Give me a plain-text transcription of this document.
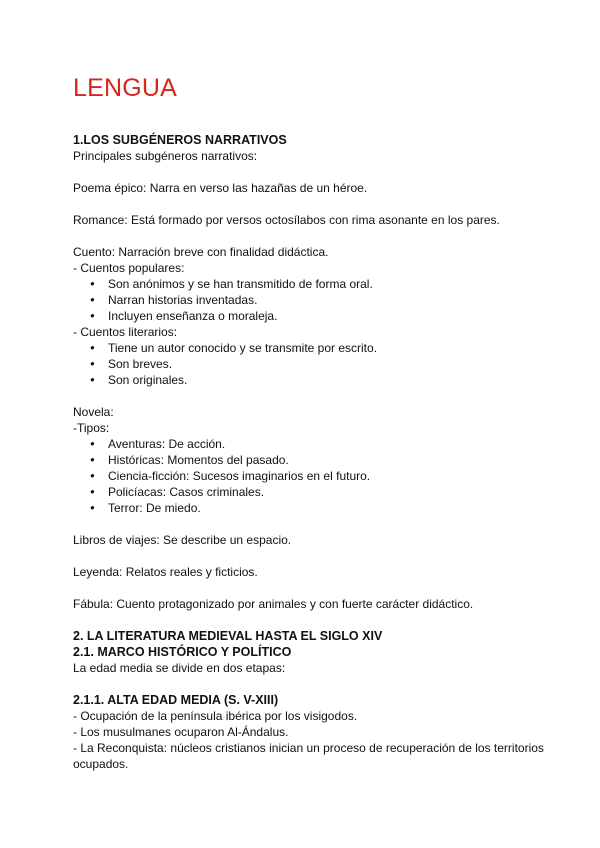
LENGUA

1.LOS SUBGÉNEROS NARRATIVOS

Principales subgéneros narrativos:

Poema épico: Narra en verso las hazañas de un héroe.

Romance: Está formado por versos octosílabos con rima asonante en los pares.

Cuento: Narración breve con finalidad didáctica.

- Cuentos populares:

● Son anónimos y se han transmitido de forma oral.
● Narran historias inventadas.
● Incluyen enseñanza o moraleja.

- Cuentos literarios:

● Tiene un autor conocido y se transmite por escrito.
● Son breves.
● Son originales.

Novela:

-Tipos:

● Aventuras: De acción.
● Históricas: Momentos del pasado.
● Ciencia-ficción: Sucesos imaginarios en el futuro.
● Policíacas: Casos criminales.
● Terror: De miedo.

Libros de viajes: Se describe un espacio.

Leyenda: Relatos reales y ficticios.

Fábula: Cuento protagonizado por animales y con fuerte carácter didáctico.

2. LA LITERATURA MEDIEVAL HASTA EL SIGLO XIV

2.1. MARCO HISTÓRICO Y POLÍTICO

La edad media se divide en dos etapas:

2.1.1. ALTA EDAD MEDIA (S. V-XIII)

- Ocupación de la península ibérica por los visigodos.

- Los musulmanes ocuparon Al-Ándalus.

- La Reconquista: núcleos cristianos inician un proceso de recuperación de los territorios ocupados.
